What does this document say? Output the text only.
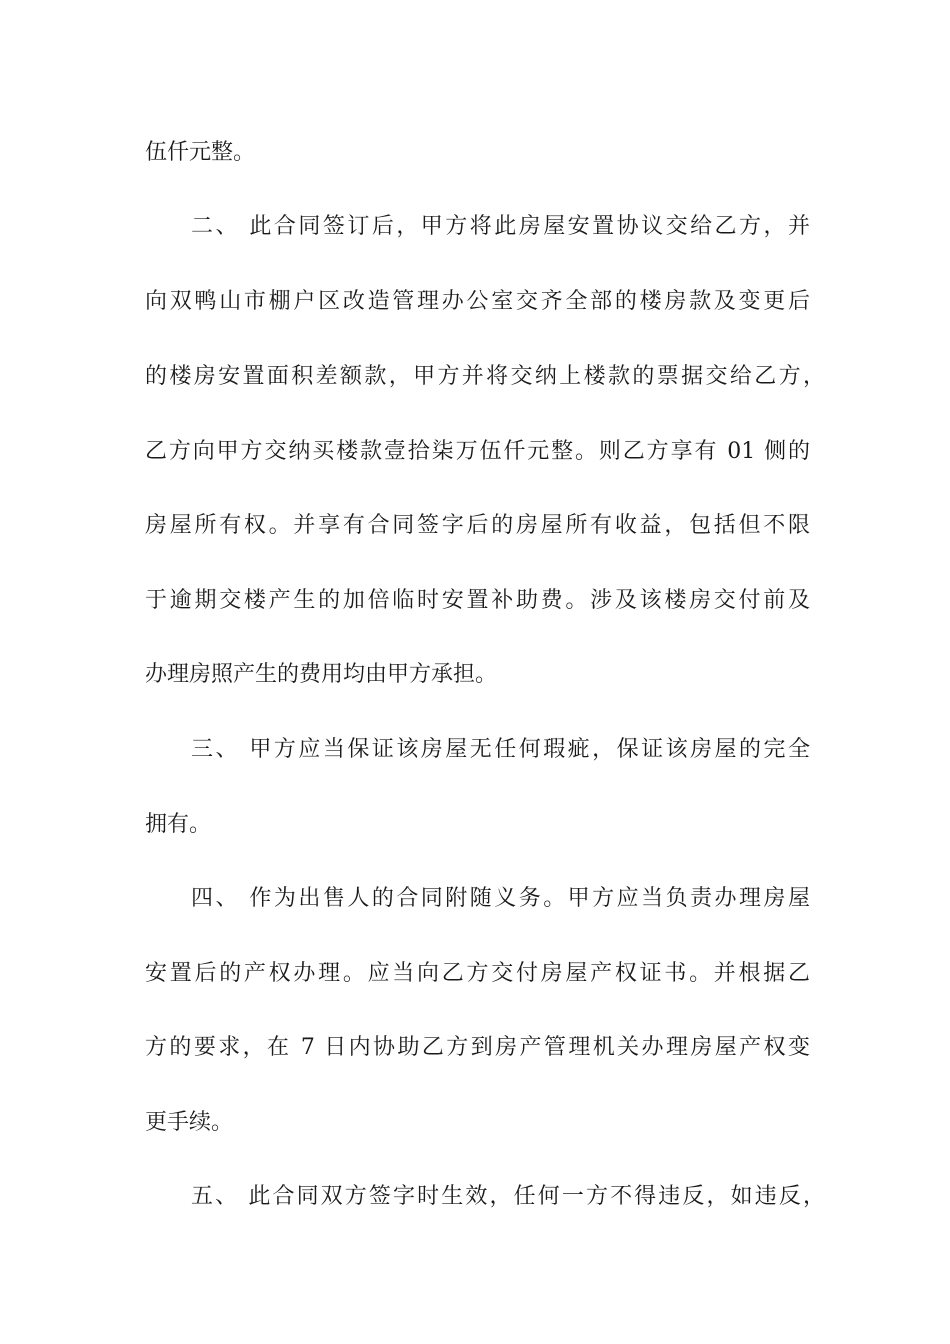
伍仟元整。
二、 此合同签订后，甲方将此房屋安置协议交给乙方，并
向双鸭山市棚户区改造管理办公室交齐全部的楼房款及变更后
的楼房安置面积差额款，甲方并将交纳上楼款的票据交给乙方，
乙方向甲方交纳买楼款壹拾柒万伍仟元整。则乙方享有 01 侧的
房屋所有权。并享有合同签字后的房屋所有收益，包括但不限
于逾期交楼产生的加倍临时安置补助费。涉及该楼房交付前及
办理房照产生的费用均由甲方承担。
三、 甲方应当保证该房屋无任何瑕疵，保证该房屋的完全
拥有。
四、 作为出售人的合同附随义务。甲方应当负责办理房屋
安置后的产权办理。应当向乙方交付房屋产权证书。并根据乙
方的要求，在 7 日内协助乙方到房产管理机关办理房屋产权变
更手续。
五、 此合同双方签字时生效，任何一方不得违反，如违反，
